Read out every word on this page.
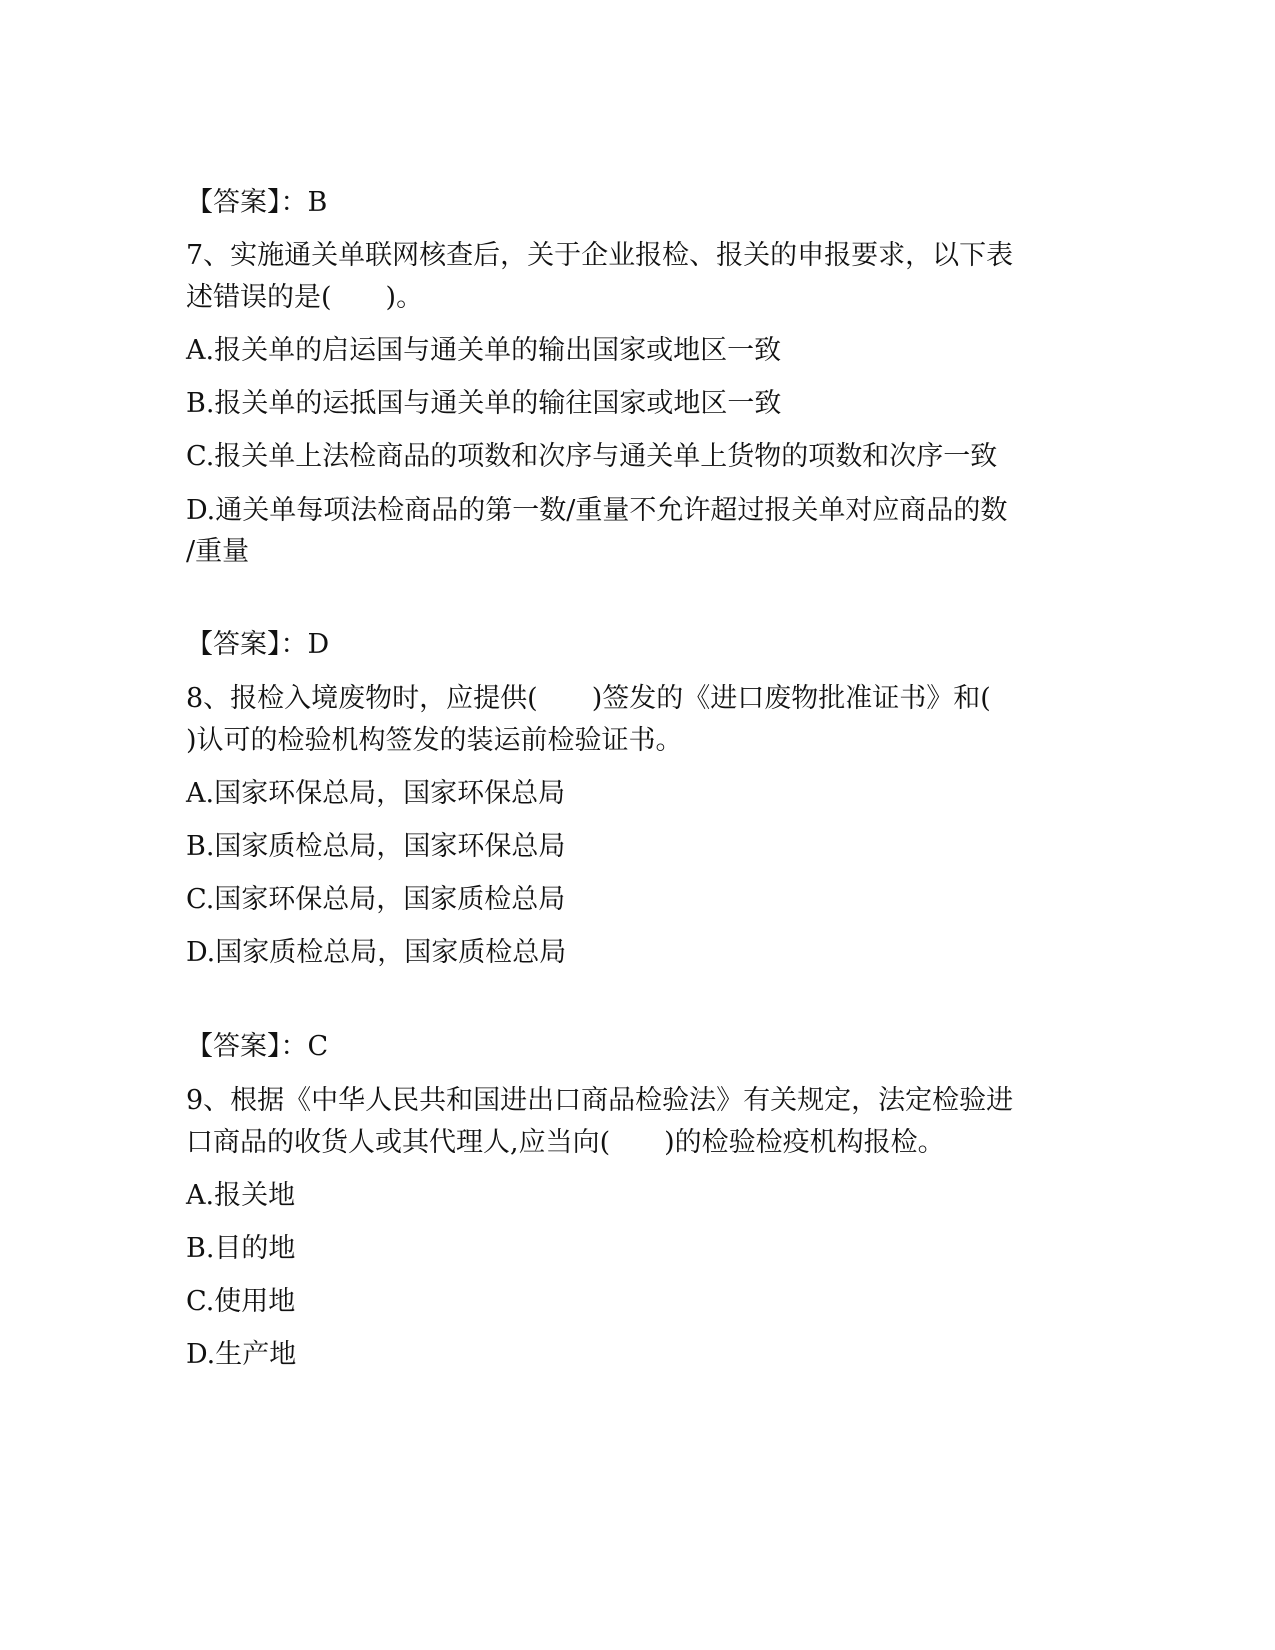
【答案】：B
7、实施通关单联网核查后，关于企业报检、报关的申报要求，以下表
述错误的是(　　)。
A.报关单的启运国与通关单的输出国家或地区一致
B.报关单的运抵国与通关单的输往国家或地区一致
C.报关单上法检商品的项数和次序与通关单上货物的项数和次序一致
D.通关单每项法检商品的第一数/重量不允许超过报关单对应商品的数
/重量
【答案】：D
8、报检入境废物时，应提供(　　)签发的《进口废物批准证书》和(
)认可的检验机构签发的装运前检验证书。
A.国家环保总局，国家环保总局
B.国家质检总局，国家环保总局
C.国家环保总局，国家质检总局
D.国家质检总局，国家质检总局
【答案】：C
9、根据《中华人民共和国进出口商品检验法》有关规定，法定检验进
口商品的收货人或其代理人,应当向(　　)的检验检疫机构报检。
A.报关地
B.目的地
C.使用地
D.生产地
